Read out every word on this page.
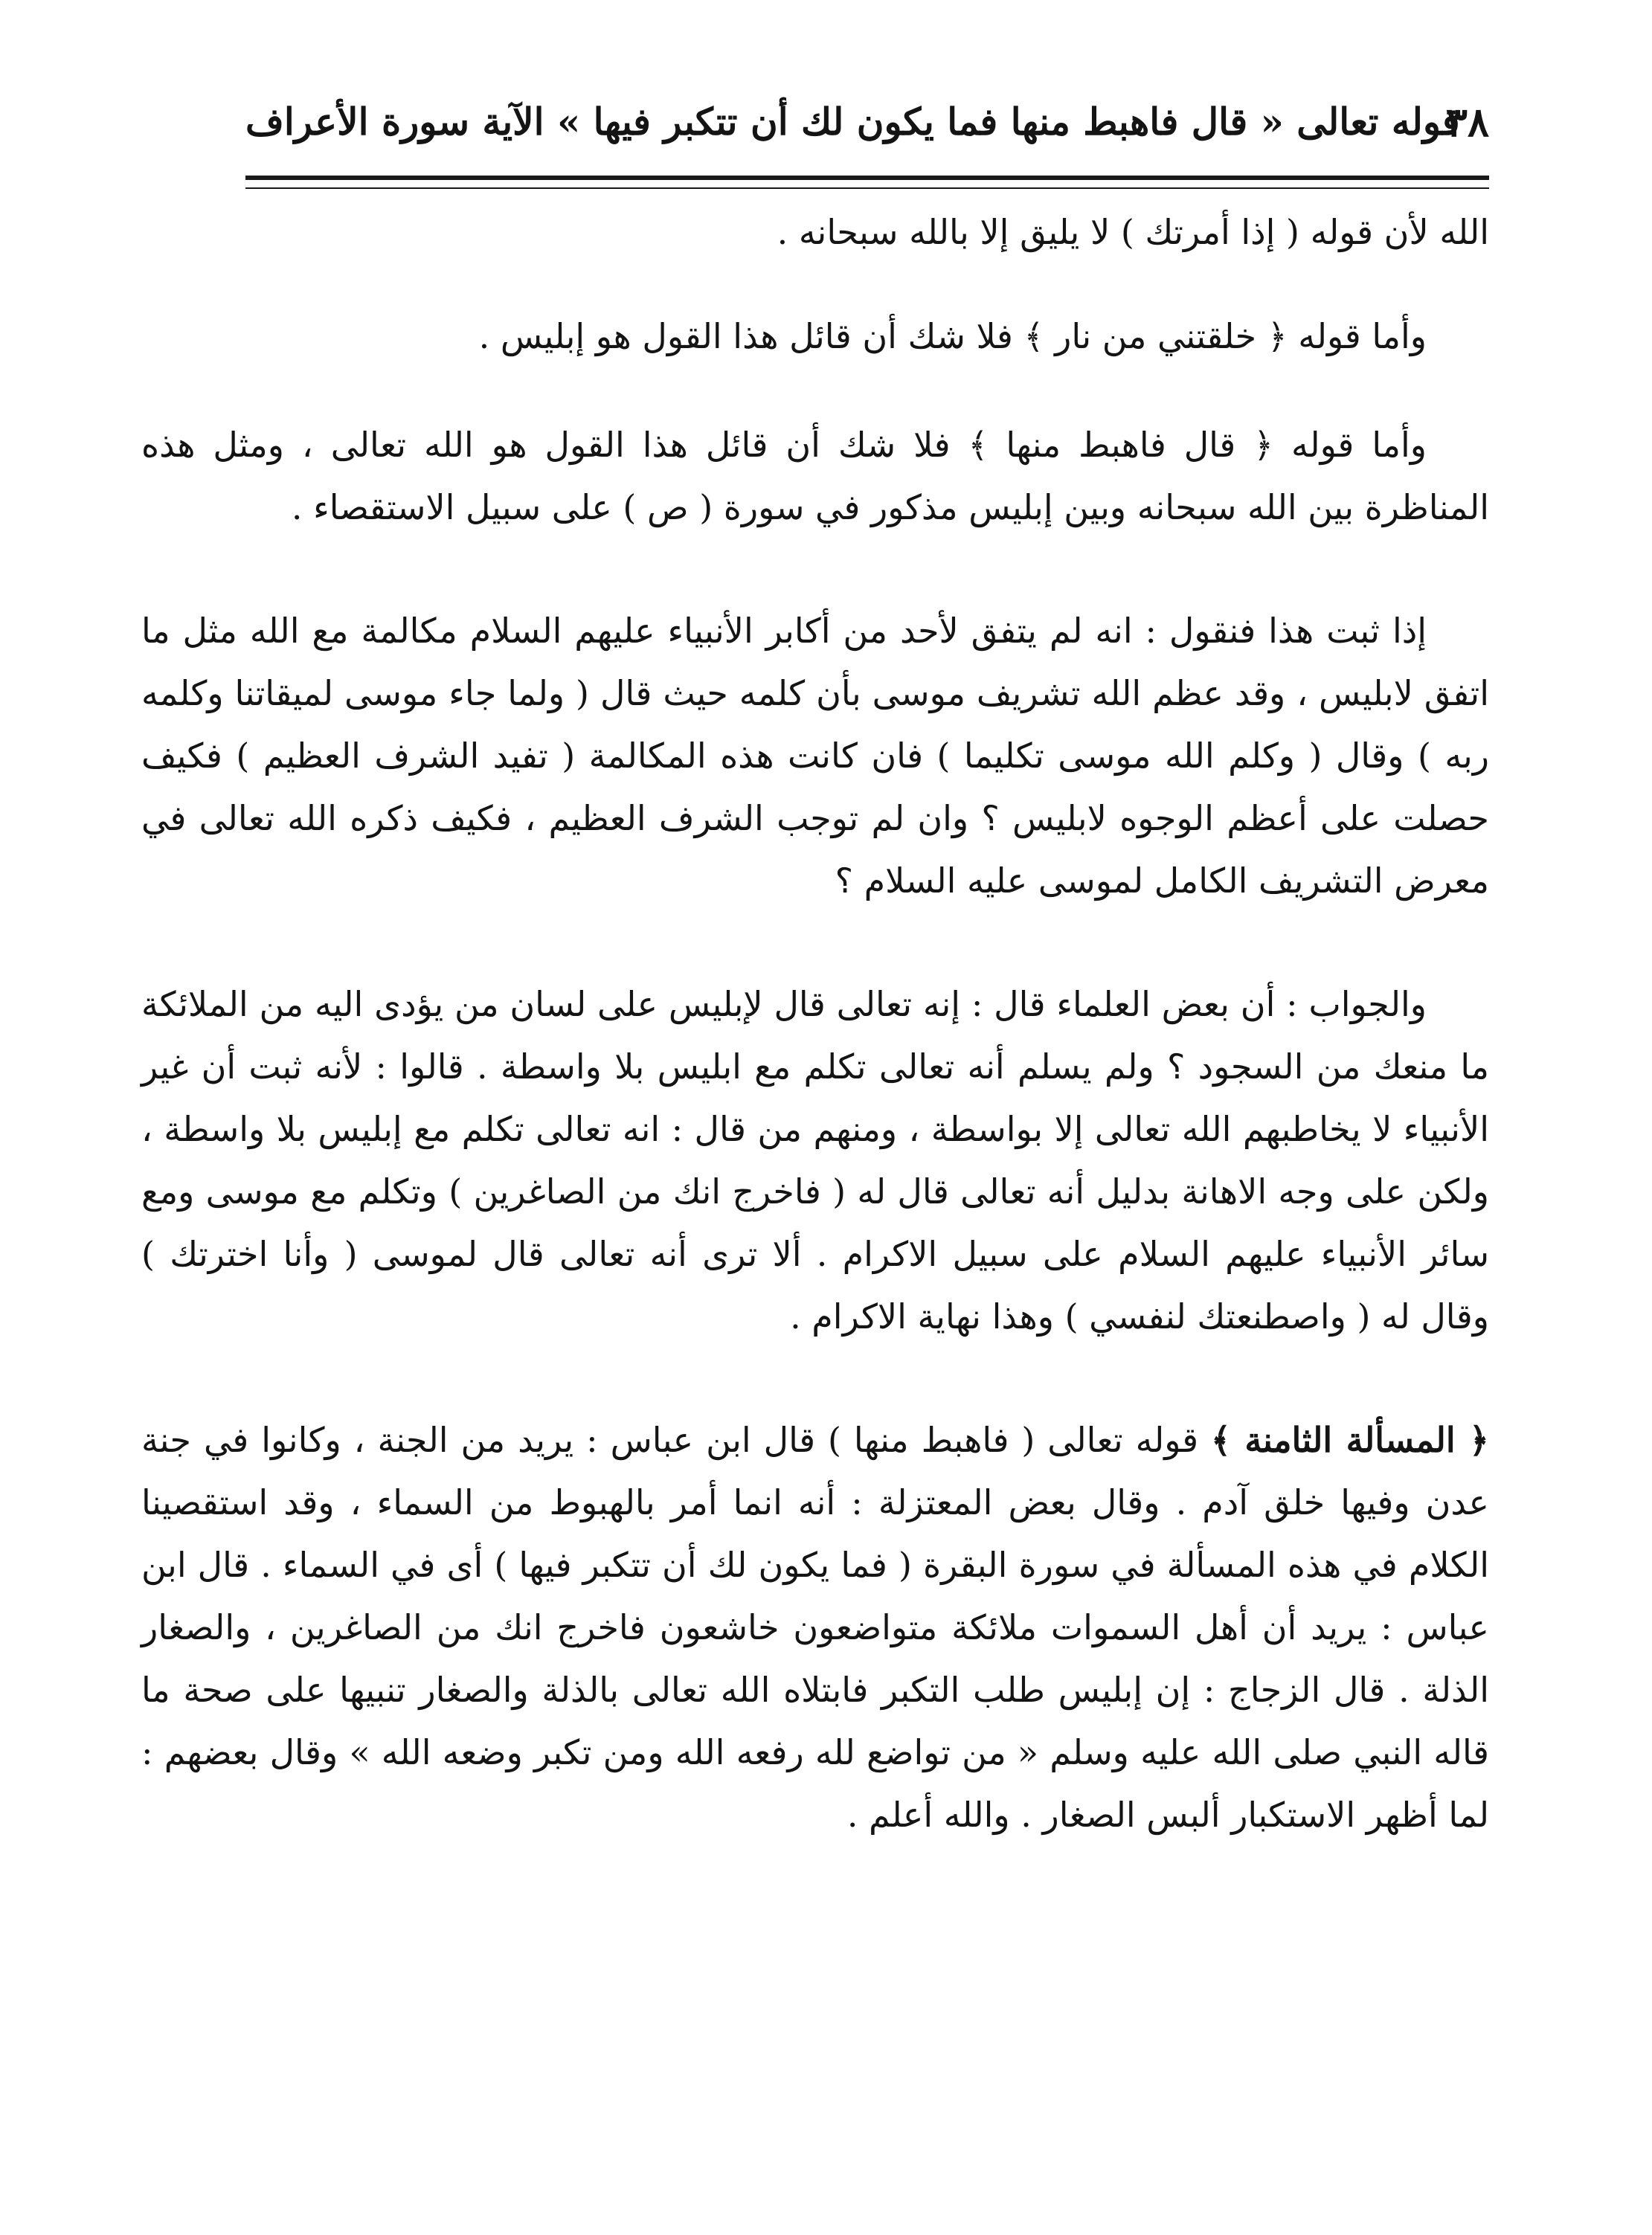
٣٨
قوله تعالى « قال فاهبط منها فما يكون لك أن تتكبر فيها » الآية سورة الأعراف

الله لأن قوله ( إذا أمرتك ) لا يليق إلا بالله سبحانه .

وأما قوله ﴿ خلقتني من نار ﴾ فلا شك أن قائل هذا القول هو إبليس .

وأما قوله ﴿ قال فاهبط منها ﴾ فلا شك أن قائل هذا القول هو الله تعالى ، ومثل هذه المناظرة بين الله سبحانه وبين إبليس مذكور في سورة ( ص ) على سبيل الاستقصاء .

إذا ثبت هذا فنقول : انه لم يتفق لأحد من أكابر الأنبياء عليهم السلام مكالمة مع الله مثل ما اتفق لابليس ، وقد عظم الله تشريف موسى بأن كلمه حيث قال ( ولما جاء موسى لميقاتنا وكلمه ربه ) وقال ( وكلم الله موسى تكليما ) فان كانت هذه المكالمة ( تفيد الشرف العظيم ) فكيف حصلت على أعظم الوجوه لابليس ؟ وان لم توجب الشرف العظيم ، فكيف ذكره الله تعالى في معرض التشريف الكامل لموسى عليه السلام ؟

والجواب : أن بعض العلماء قال : إنه تعالى قال لإبليس على لسان من يؤدى اليه من الملائكة ما منعك من السجود ؟ ولم يسلم أنه تعالى تكلم مع ابليس بلا واسطة . قالوا : لأنه ثبت أن غير الأنبياء لا يخاطبهم الله تعالى إلا بواسطة ، ومنهم من قال : انه تعالى تكلم مع إبليس بلا واسطة ، ولكن على وجه الاهانة بدليل أنه تعالى قال له ( فاخرج انك من الصاغرين ) وتكلم مع موسى ومع سائر الأنبياء عليهم السلام على سبيل الاكرام . ألا ترى أنه تعالى قال لموسى ( وأنا اخترتك ) وقال له ( واصطنعتك لنفسي ) وهذا نهاية الاكرام .

﴿ المسألة الثامنة ﴾ قوله تعالى ( فاهبط منها ) قال ابن عباس : يريد من الجنة ، وكانوا في جنة عدن وفيها خلق آدم . وقال بعض المعتزلة : أنه انما أمر بالهبوط من السماء ، وقد استقصينا الكلام في هذه المسألة في سورة البقرة ( فما يكون لك أن تتكبر فيها ) أى في السماء . قال ابن عباس : يريد أن أهل السموات ملائكة متواضعون خاشعون فاخرج انك من الصاغرين ، والصغار الذلة . قال الزجاج : إن إبليس طلب التكبر فابتلاه الله تعالى بالذلة والصغار تنبيها على صحة ما قاله النبي صلى الله عليه وسلم « من تواضع لله رفعه الله ومن تكبر وضعه الله » وقال بعضهم : لما أظهر الاستكبار ألبس الصغار . والله أعلم .
